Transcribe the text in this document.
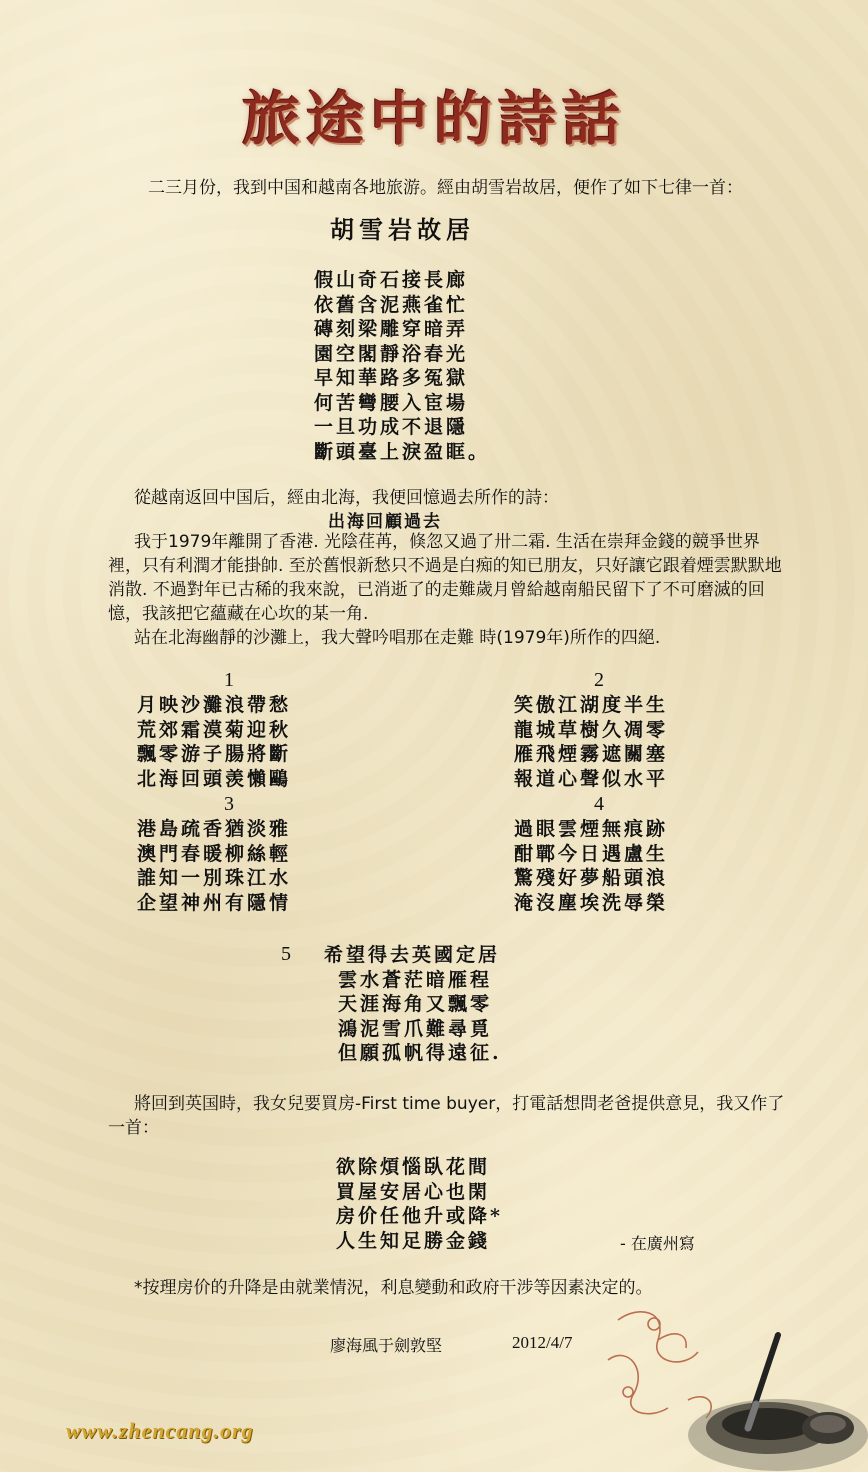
旅途中的詩話
二三月份，我到中国和越南各地旅游。經由胡雪岩故居，便作了如下七律一首：
胡雪岩故居
假山奇石接長廊
依舊含泥燕雀忙
磚刻梁雕穿暗弄
園空閣靜浴春光
早知華路多冤獄
何苦彎腰入宦場
一旦功成不退隱
斷頭臺上淚盈眶。
從越南返回中国后，經由北海，我便回憶過去所作的詩：
出海回顧過去
我于1979年離開了香港. 光陰荏苒，倏忽又過了卅二霜. 生活在崇拜金錢的競爭世界裡，只有利潤才能掛帥. 至於舊恨新愁只不過是白痴的知已朋友，只好讓它跟着煙雲默默地消散. 不過對年已古稀的我來說，已消逝了的走難歲月曾給越南船民留下了不可磨滅的回憶，我該把它蘊藏在心坎的某一角.
站在北海幽靜的沙灘上，我大聲吟唱那在走難 時(1979年)所作的四絕.
1
月映沙灘浪帶愁
荒郊霜漠菊迎秋
飄零游子腸將斷
北海回頭羡懶鷗
2
笑傲江湖度半生
龍城草樹久凋零
雁飛煙霧遮關塞
報道心聲似水平
3
港島疏香猶淡雅
澳門春暖柳絲輕
誰知一別珠江水
企望神州有隱情
4
過眼雲煙無痕跡
酣鄲今日遇盧生
驚殘好夢船頭浪
淹沒塵埃洗辱榮
5 希望得去英國定居
雲水蒼茫暗雁程
天涯海角又飄零
鴻泥雪爪難尋覓
但願孤帆得遠征.
將回到英国時，我女兒要買房-First time buyer，打電話想問老爸提供意見，我又作了一首：
欲除煩惱臥花間
買屋安居心也閑
房价任他升或降*
人生知足勝金錢	- 在廣州寫
*按理房价的升降是由就業情況，利息變動和政府干涉等因素決定的。
廖海風于劍敦堅	2012/4/7
www.zhencang.org
